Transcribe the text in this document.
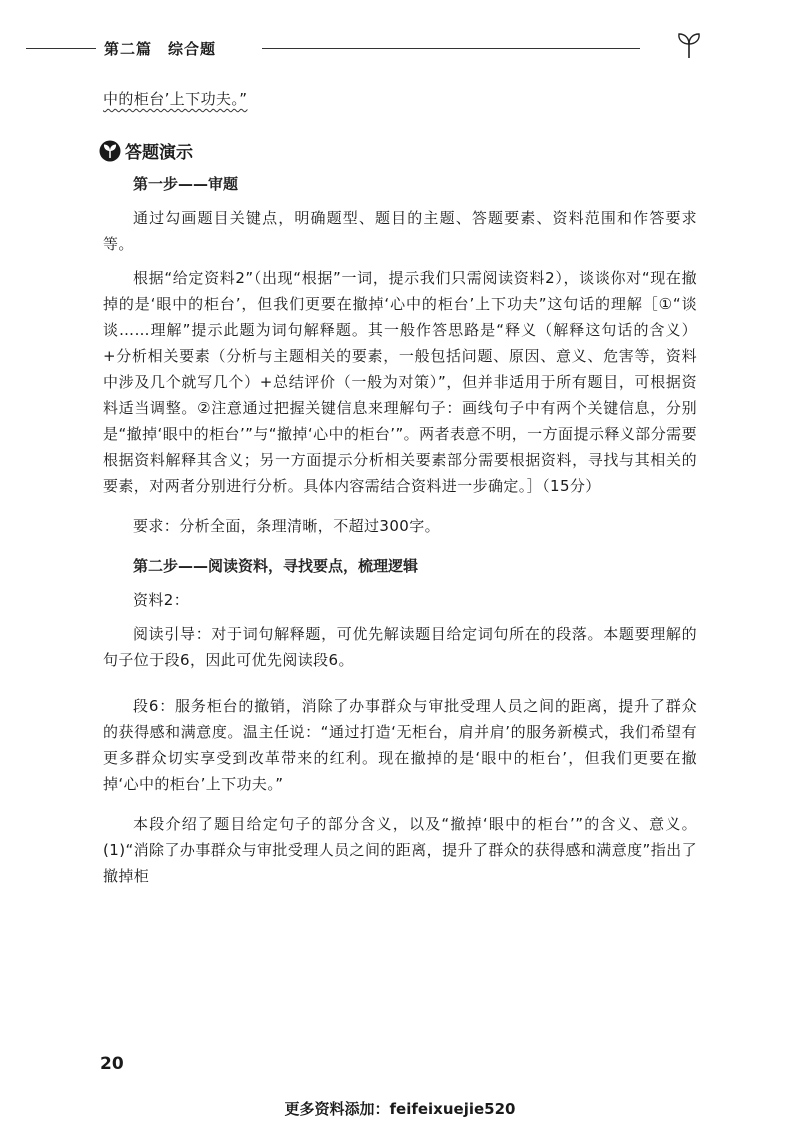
第二篇　综合题

中的柜台’上下功夫。”

答题演示
第一步——审题

通过勾画题目关键点，明确题型、题目的主题、答题要素、资料范围和作答要求等。

根据“给定资料2”（出现“根据”一词，提示我们只需阅读资料2），谈谈你对“现在撤掉的是‘眼中的柜台’，但我们更要在撤掉‘心中的柜台’上下功夫”这句话的理解［①“谈谈……理解”提示此题为词句解释题。其一般作答思路是“释义（解释这句话的含义）+分析相关要素（分析与主题相关的要素，一般包括问题、原因、意义、危害等，资料中涉及几个就写几个）+总结评价（一般为对策）”，但并非适用于所有题目，可根据资料适当调整。②注意通过把握关键信息来理解句子：画线句子中有两个关键信息，分别是“撤掉‘眼中的柜台’”与“撤掉‘心中的柜台’”。两者表意不明，一方面提示释义部分需要根据资料解释其含义；另一方面提示分析相关要素部分需要根据资料，寻找与其相关的要素，对两者分别进行分析。具体内容需结合资料进一步确定。］（15分）

要求：分析全面，条理清晰，不超过300字。

第二步——阅读资料，寻找要点，梳理逻辑

资料2：

阅读引导：对于词句解释题，可优先解读题目给定词句所在的段落。本题要理解的句子位于段6，因此可优先阅读段6。

段6：服务柜台的撤销，消除了办事群众与审批受理人员之间的距离，提升了群众的获得感和满意度。温主任说：“通过打造‘无柜台，肩并肩’的服务新模式，我们希望有更多群众切实享受到改革带来的红利。现在撤掉的是‘眼中的柜台’，但我们更要在撤掉‘心中的柜台’上下功夫。”

本段介绍了题目给定句子的部分含义，以及“撤掉‘眼中的柜台’”的含义、意义。(1)“消除了办事群众与审批受理人员之间的距离，提升了群众的获得感和满意度”指出了撤掉柜

20
更多资料添加：feifeixuejie520
